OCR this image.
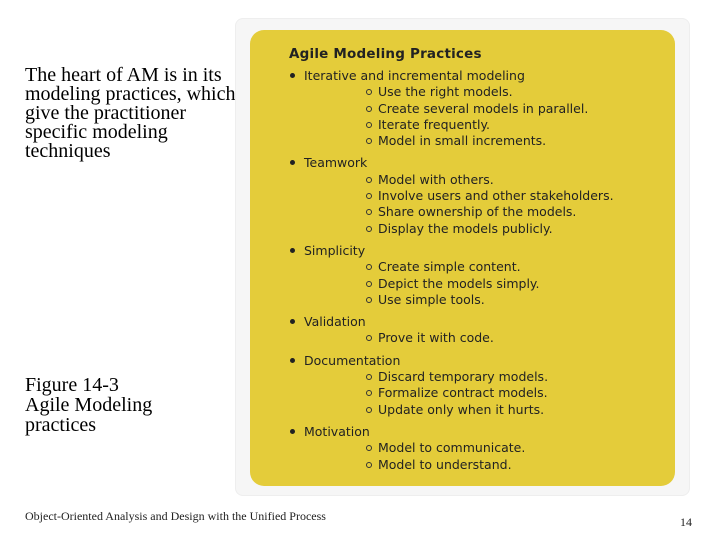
The heart of AM is in its modeling practices, which give the practitioner specific modeling techniques

Figure 14-3
Agile Modeling
practices
Agile Modeling Practices
Iterative and incremental modeling
Use the right models.
Create several models in parallel.
Iterate frequently.
Model in small increments.
Teamwork
Model with others.
Involve users and other stakeholders.
Share ownership of the models.
Display the models publicly.
Simplicity
Create simple content.
Depict the models simply.
Use simple tools.
Validation
Prove it with code.
Documentation
Discard temporary models.
Formalize contract models.
Update only when it hurts.
Motivation
Model to communicate.
Model to understand.
Object-Oriented Analysis and Design with the Unified Process	14
